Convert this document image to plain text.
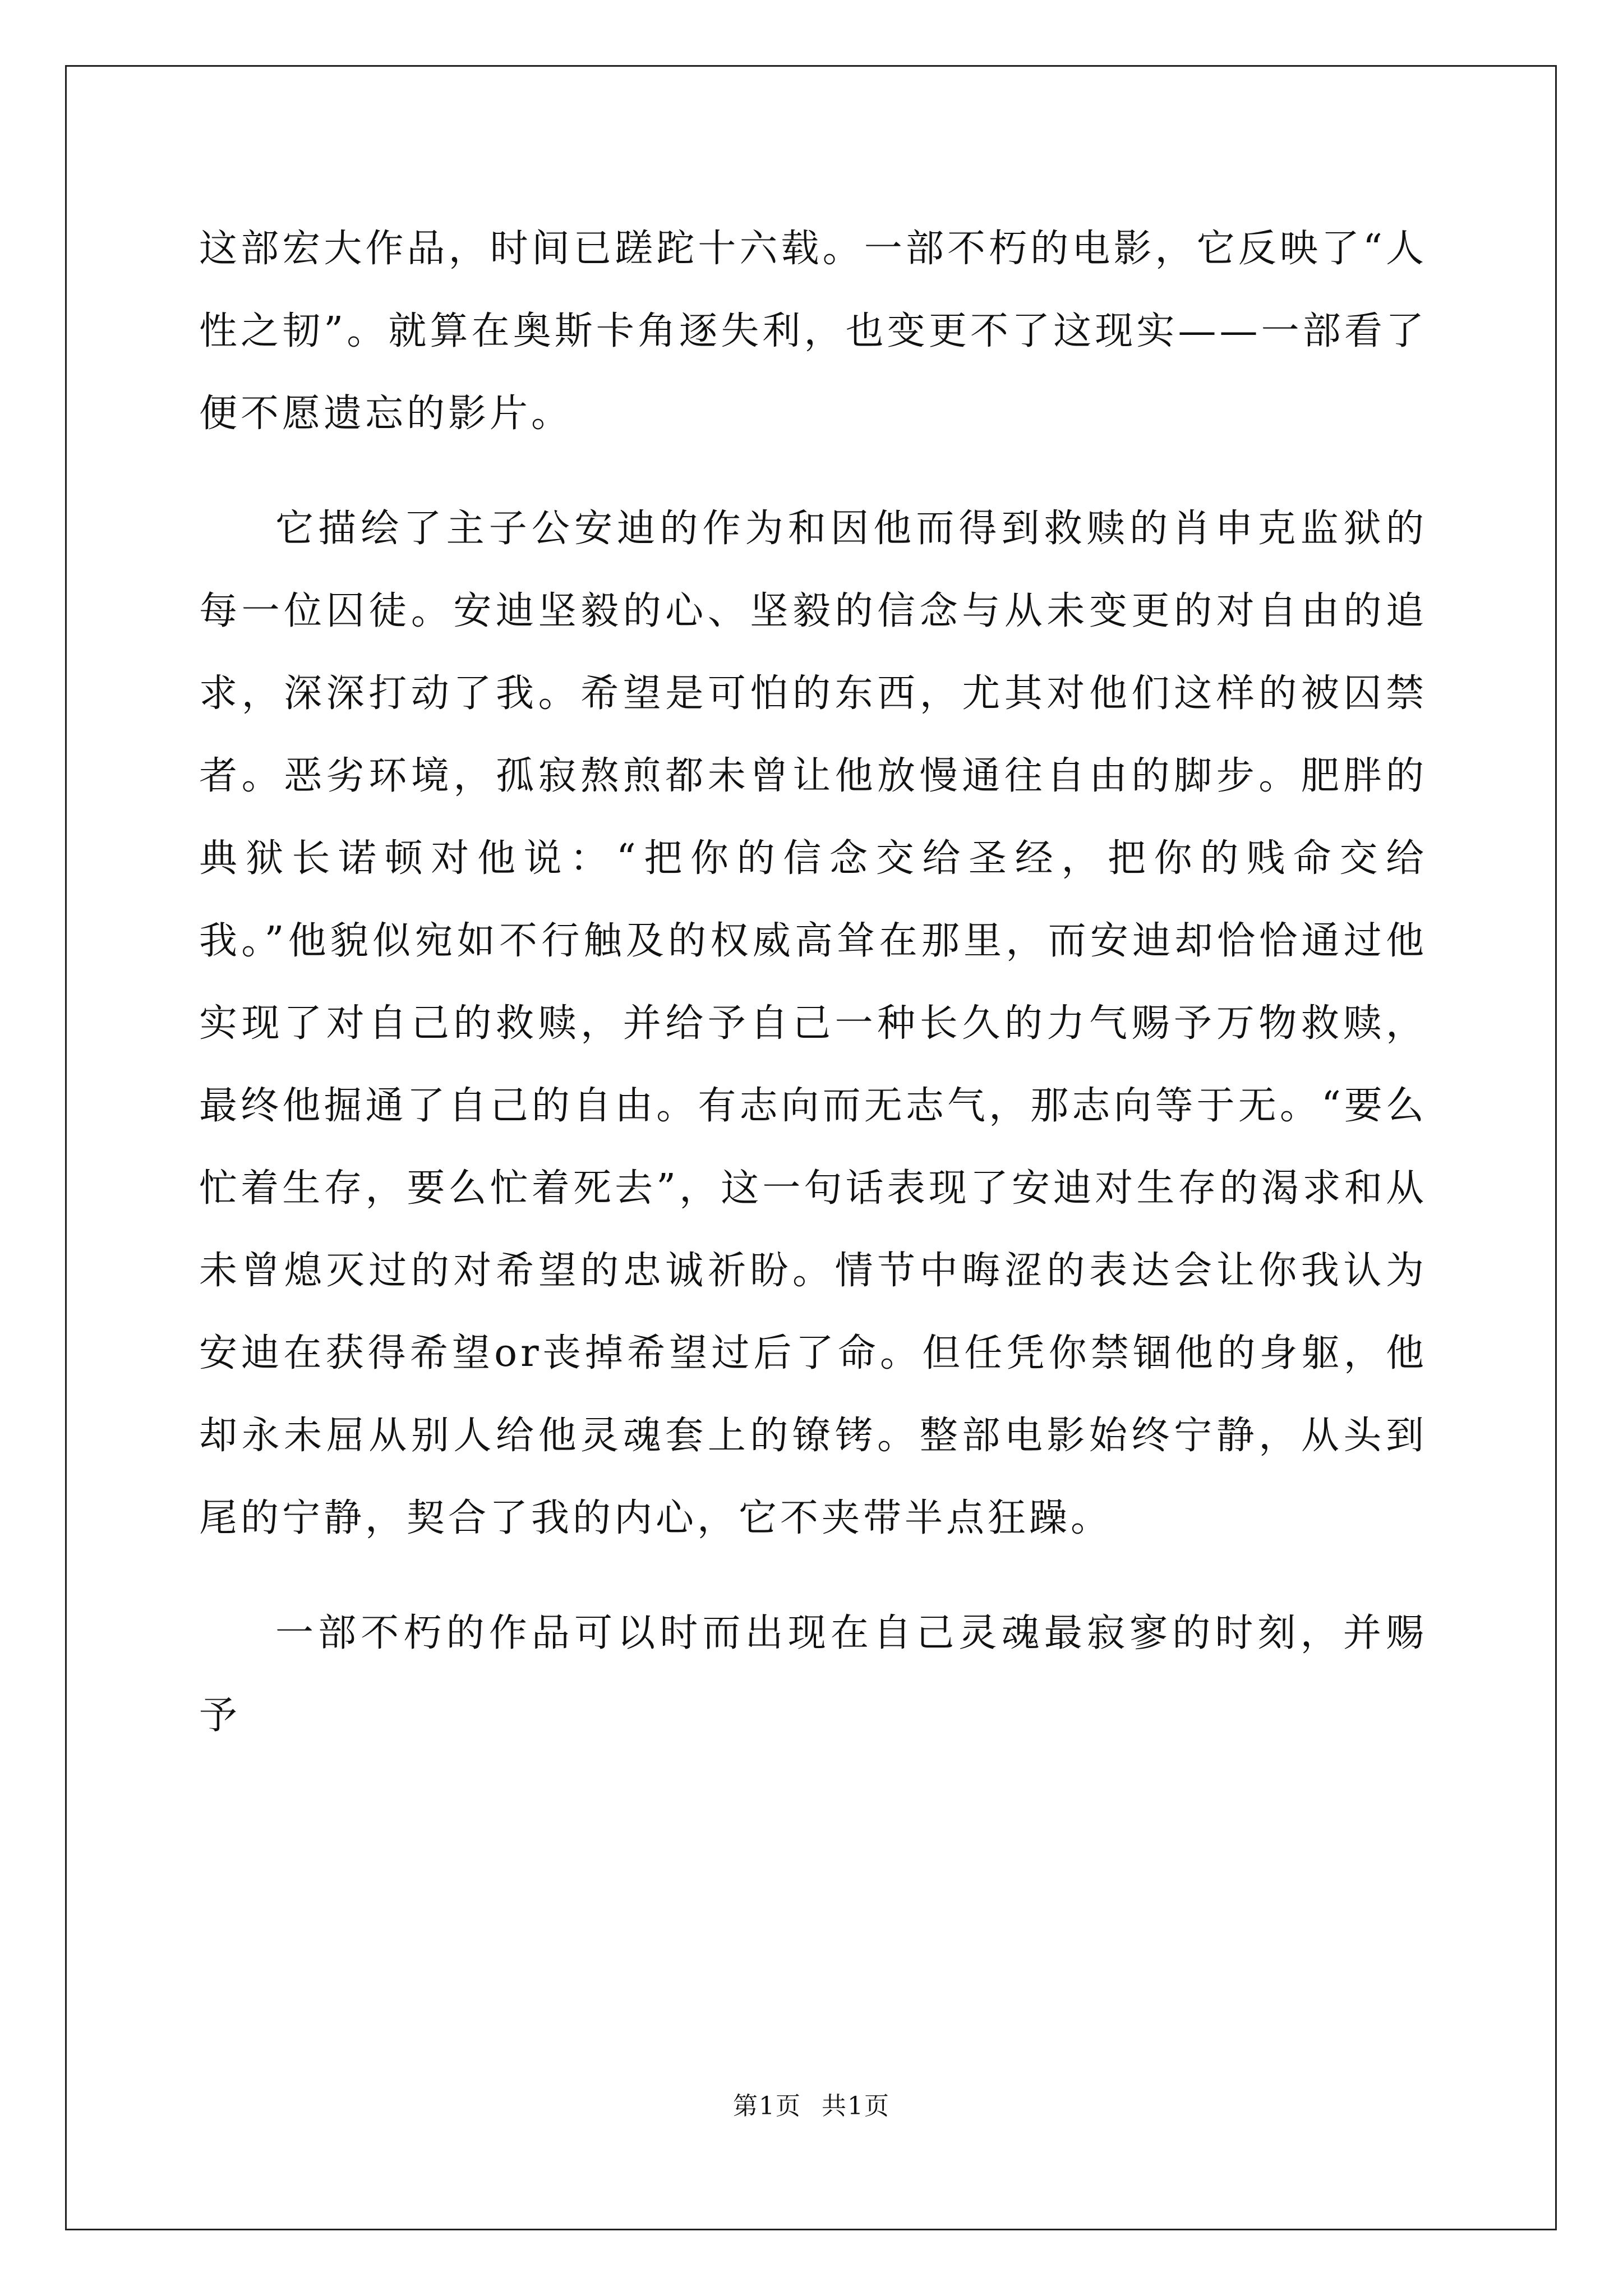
这部宏大作品，时间已蹉跎十六载。一部不朽的电影，它反映了“人性之韧”。就算在奥斯卡角逐失利，也变更不了这现实——一部看了便不愿遗忘的影片。

它描绘了主子公安迪的作为和因他而得到救赎的肖申克监狱的每一位囚徒。安迪坚毅的心、坚毅的信念与从未变更的对自由的追求，深深打动了我。希望是可怕的东西，尤其对他们这样的被囚禁者。恶劣环境，孤寂熬煎都未曾让他放慢通往自由的脚步。肥胖的典狱长诺顿对他说：“把你的信念交给圣经，把你的贱命交给我。”他貌似宛如不行触及的权威高耸在那里，而安迪却恰恰通过他实现了对自己的救赎，并给予自己一种长久的力气赐予万物救赎，最终他掘通了自己的自由。有志向而无志气，那志向等于无。“要么忙着生存，要么忙着死去”，这一句话表现了安迪对生存的渴求和从未曾熄灭过的对希望的忠诚祈盼。情节中晦涩的表达会让你我认为安迪在获得希望or丧掉希望过后了命。但任凭你禁锢他的身躯，他却永未屈从别人给他灵魂套上的镣铐。整部电影始终宁静，从头到尾的宁静，契合了我的内心，它不夹带半点狂躁。

一部不朽的作品可以时而出现在自己灵魂最寂寥的时刻，并赐予

第1页 共1页
